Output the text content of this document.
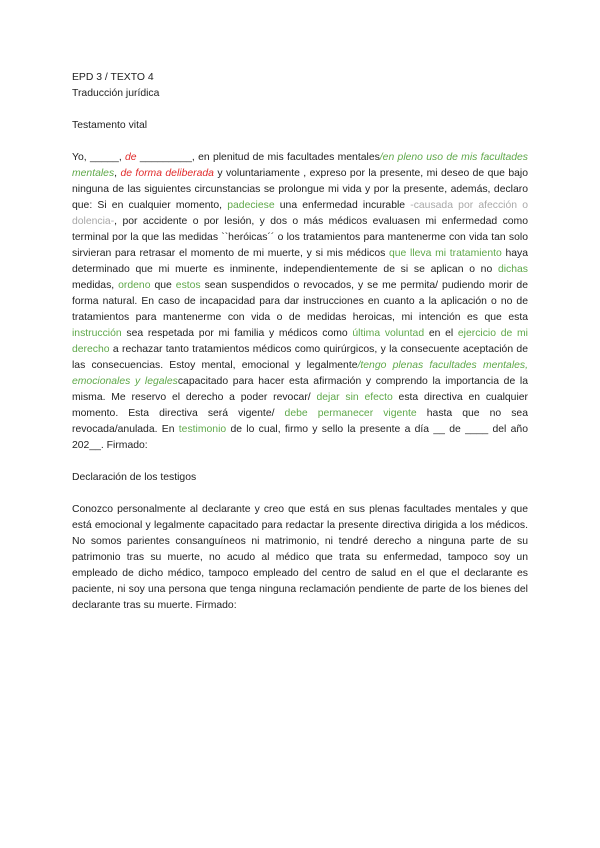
EPD 3 / TEXTO 4
Traducción jurídica
Testamento vital
Yo, _____, de _________, en plenitud de mis facultades mentales/en pleno uso de mis facultades mentales, de forma deliberada y voluntariamente , expreso por la presente, mi deseo de que bajo ninguna de las siguientes circunstancias se prolongue mi vida y por la presente, además, declaro que: Si en cualquier momento, padeciese una enfermedad incurable -causada por afección o dolencia-, por accidente o por lesión, y dos o más médicos evaluasen mi enfermedad como terminal por la que las medidas ``heróicas´´ o los tratamientos para mantenerme con vida tan solo sirvieran para retrasar el momento de mi muerte, y si mis médicos que lleva mi tratamiento haya determinado que mi muerte es inminente, independientemente de si se aplican o no dichas medidas, ordeno que estos sean suspendidos o revocados, y se me permita/ pudiendo morir de forma natural. En caso de incapacidad para dar instrucciones en cuanto a la aplicación o no de tratamientos para mantenerme con vida o de medidas heroicas, mi intención es que esta instrucción sea respetada por mi familia y médicos como última voluntad en el ejercicio de mi derecho a rechazar tanto tratamientos médicos como quirúrgicos, y la consecuente aceptación de las consecuencias. Estoy mental, emocional y legalmente/tengo plenas facultades mentales, emocionales y legalescapacitado para hacer esta afirmación y comprendo la importancia de la misma. Me reservo el derecho a poder revocar/ dejar sin efecto esta directiva en cualquier momento. Esta directiva será vigente/ debe permanecer vigente hasta que no sea revocada/anulada. En testimonio de lo cual, firmo y sello la presente a día __ de ____ del año 202__. Firmado:
Declaración de los testigos
Conozco personalmente al declarante y creo que está en sus plenas facultades mentales y que está emocional y legalmente capacitado para redactar la presente directiva dirigida a los médicos. No somos parientes consanguíneos ni matrimonio, ni tendré derecho a ninguna parte de su patrimonio tras su muerte, no acudo al médico que trata su enfermedad, tampoco soy un empleado de dicho médico, tampoco empleado del centro de salud en el que el declarante es paciente, ni soy una persona que tenga ninguna reclamación pendiente de parte de los bienes del declarante tras su muerte. Firmado:
